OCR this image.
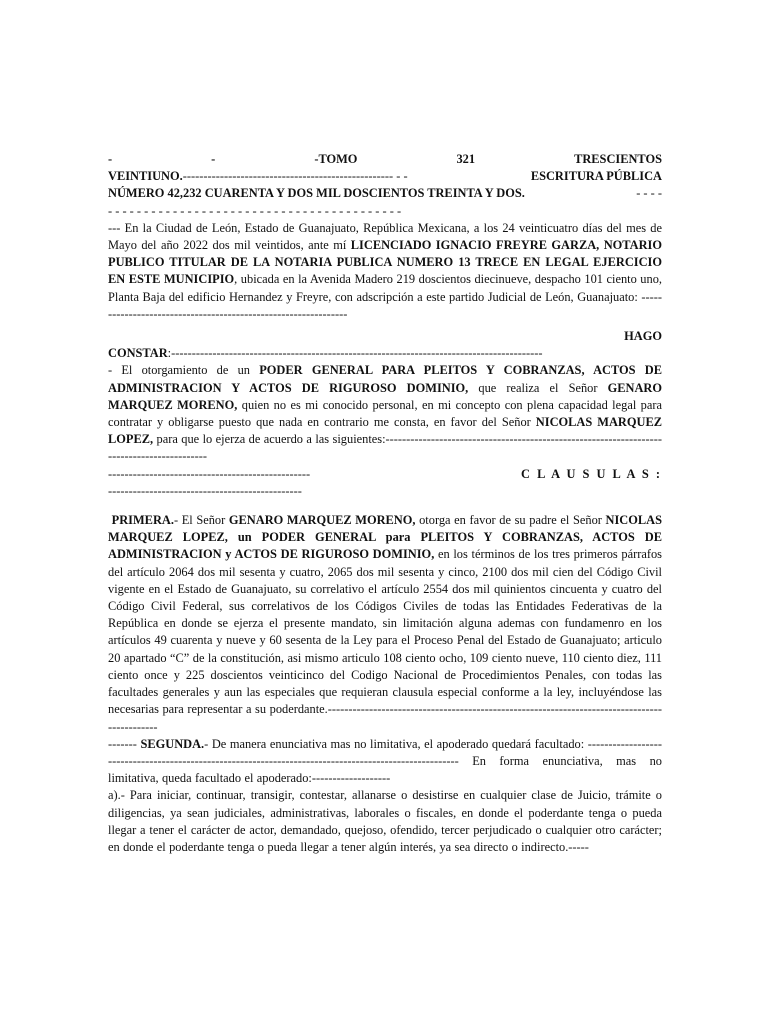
-	-	-TOMO	321	TRESCIENTOS
VEINTIUNO.--------------------------------------------------- - -	ESCRITURA PÚBLICA
NÚMERO 42,232 CUARENTA Y DOS MIL DOSCIENTOS TREINTA Y DOS.	- - - -
- - - - - - - - - - - - - - - - - - - - - - - - - - - - - - - - - - - - - - - - -

--- En la Ciudad de León, Estado de Guanajuato, República Mexicana, a los 24 veinticuatro días del mes de Mayo del año 2022 dos mil veintidos, ante mí LICENCIADO IGNACIO FREYRE GARZA, NOTARIO PUBLICO TITULAR DE LA NOTARIA PUBLICA NUMERO 13 TRECE EN LEGAL EJERCICIO EN ESTE MUNICIPIO, ubicada en la Avenida Madero 219 doscientos diecinueve, despacho 101 ciento uno, Planta Baja del edificio Hernandez y Freyre, con adscripción a este partido Judicial de León, Guanajuato: ---------------------------------------------------------------

HAGO
CONSTAR:------------------------------------------------------------------------------------------

- El otorgamiento de un PODER GENERAL PARA PLEITOS Y COBRANZAS, ACTOS DE ADMINISTRACION Y ACTOS DE RIGUROSO DOMINIO, que realiza el Señor GENARO MARQUEZ MORENO, quien no es mi conocido personal, en mi concepto con plena capacidad legal para contratar y obligarse puesto que nada en contrario me consta, en favor del Señor NICOLAS MARQUEZ LOPEZ, para que lo ejerza de acuerdo a las siguientes:-------------------------------------------------------------------------------------------

-------------------------------------------------	C L A U S U L A S :
-----------------------------------------------

PRIMERA.- El Señor GENARO MARQUEZ MORENO, otorga en favor de su padre el Señor NICOLAS MARQUEZ LOPEZ, un PODER GENERAL para PLEITOS Y COBRANZAS, ACTOS DE ADMINISTRACION y ACTOS DE RIGUROSO DOMINIO, en los términos de los tres primeros párrafos del artículo 2064 dos mil sesenta y cuatro, 2065 dos mil sesenta y cinco, 2100 dos mil cien del Código Civil vigente en el Estado de Guanajuato, su correlativo el artículo 2554 dos mil quinientos cincuenta y cuatro del Código Civil Federal, sus correlativos de los Códigos Civiles de todas las Entidades Federativas de la República en donde se ejerza el presente mandato, sin limitación alguna ademas con fundamenro en los artículos 49 cuarenta y nueve y 60 sesenta de la Ley para el Proceso Penal del Estado de Guanajuato; articulo 20 apartado “C” de la constitución, asi mismo articulo 108 ciento ocho, 109 ciento nueve, 110 ciento diez, 111 ciento once y 225 doscientos veinticinco del Codigo Nacional de Procedimientos Penales, con todas las facultades generales y aun las especiales que requieran clausula especial conforme a la ley, incluyéndose las necesarias para representar a su poderdante.---------------------------------------------------------------------------------------------

------- SEGUNDA.- De manera enunciativa mas no limitativa, el apoderado quedará facultado: ------------------------------------------------------------------------------------------------------- En forma enunciativa, mas no limitativa, queda facultado el apoderado:-------------------

a).- Para iniciar, continuar, transigir, contestar, allanarse o desistirse en cualquier clase de Juicio, trámite o diligencias, ya sean judiciales, administrativas, laborales o fiscales, en donde el poderdante tenga o pueda llegar a tener el carácter de actor, demandado, quejoso, ofendido, tercer perjudicado o cualquier otro carácter; en donde el poderdante tenga o pueda llegar a tener algún interés, ya sea directo o indirecto.-----
